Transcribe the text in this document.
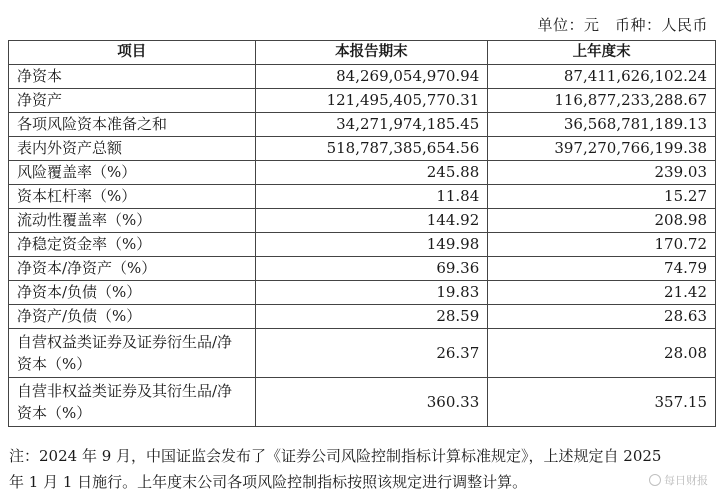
单位：元　币种：人民币
项目	本报告期末	上年度末
净资本	84,269,054,970.94	87,411,626,102.24
净资产	121,495,405,770.31	116,877,233,288.67
各项风险资本准备之和	34,271,974,185.45	36,568,781,189.13
表内外资产总额	518,787,385,654.56	397,270,766,199.38
风险覆盖率（%）	245.88	239.03
资本杠杆率（%）	11.84	15.27
流动性覆盖率（%）	144.92	208.98
净稳定资金率（%）	149.98	170.72
净资本/净资产（%）	69.36	74.79
净资本/负债（%）	19.83	21.42
净资产/负债（%）	28.59	28.63
自营权益类证券及证券衍生品/净资本（%）	26.37	28.08
自营非权益类证券及其衍生品/净资本（%）	360.33	357.15
注：2024 年 9 月，中国证监会发布了《证券公司风险控制指标计算标准规定》，上述规定自 2025
年 1 月 1 日施行。上年度末公司各项风险控制指标按照该规定进行调整计算。	每日财报
